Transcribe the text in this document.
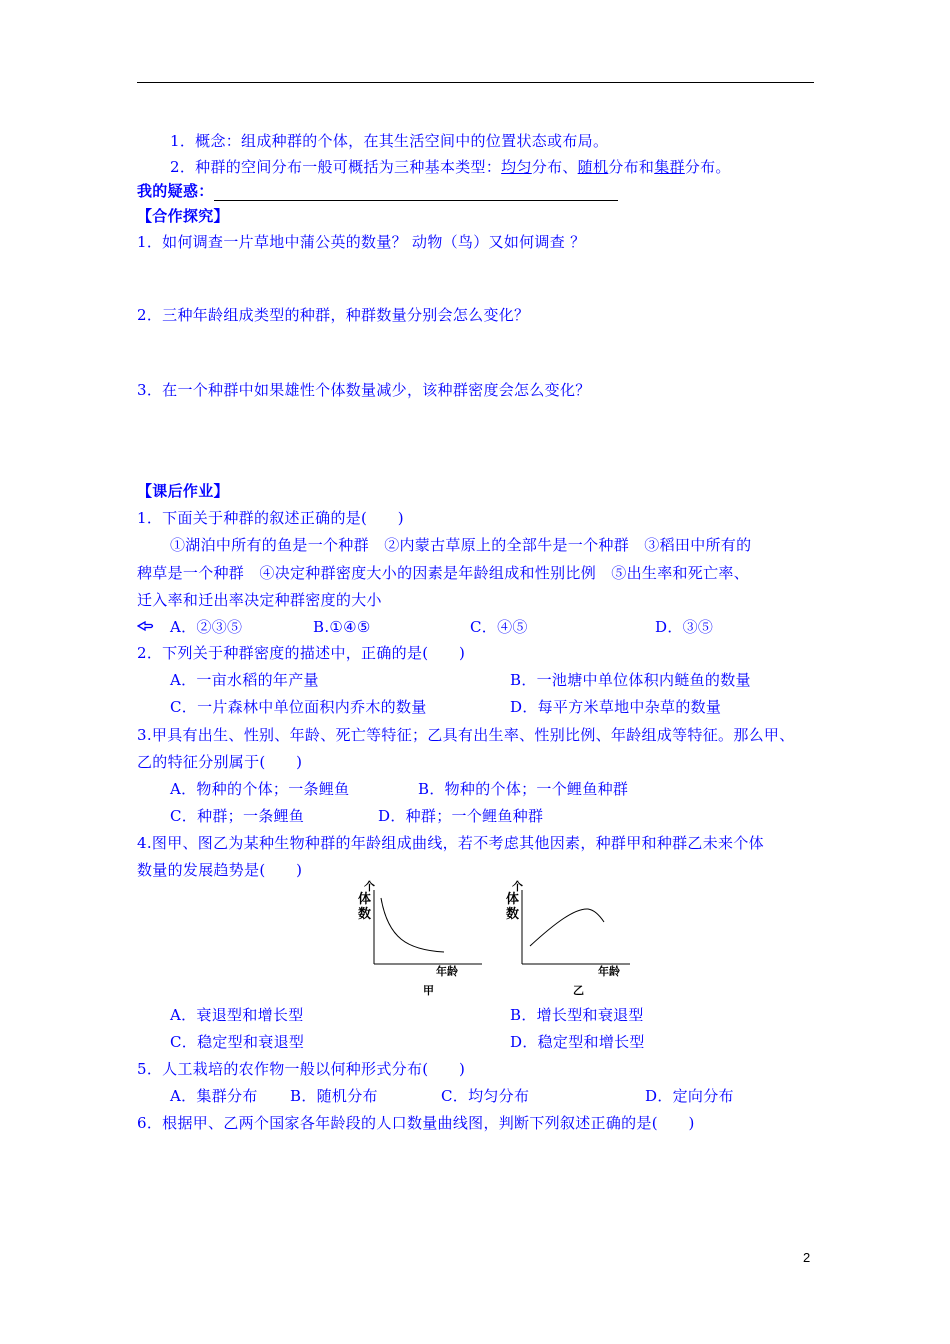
1．概念：组成种群的个体，在其生活空间中的位置状态或布局。
2．种群的空间分布一般可概括为三种基本类型：均匀分布、随机分布和集群分布。
我的疑惑：
【合作探究】
1．如何调查一片草地中蒲公英的数量？ 动物（鸟）又如何调查 ？
2．三种年龄组成类型的种群，种群数量分别会怎么变化？
3．在一个种群中如果雄性个体数量减少，该种群密度会怎么变化？
【课后作业】
1．下面关于种群的叙述正确的是(　　)
①湖泊中所有的鱼是一个种群　②内蒙古草原上的全部牛是一个种群　③稻田中所有的
稗草是一个种群　④决定种群密度大小的因素是年龄组成和性别比例　⑤出生率和死亡率、
迁入率和迁出率决定种群密度的大小
A．②③⑤	B.①④⑤	C．④⑤	D．③⑤
2．下列关于种群密度的描述中，正确的是(　　)
A．一亩水稻的年产量	B．一池塘中单位体积内鲢鱼的数量
C．一片森林中单位面积内乔木的数量	D．每平方米草地中杂草的数量
3.甲具有出生、性别、年龄、死亡等特征；乙具有出生率、性别比例、年龄组成等特征。那么甲、
乙的特征分别属于(　　)
A．物种的个体；一条鲤鱼	B．物种的个体；一个鲤鱼种群
C．种群；一条鲤鱼	D．种群；一个鲤鱼种群
4.图甲、图乙为某种生物种群的年龄组成曲线，若不考虑其他因素，种群甲和种群乙未来个体
数量的发展趋势是(　　)
个
体
数
年龄
甲
个
体
数
年龄
乙
A．衰退型和增长型	B．增长型和衰退型
C．稳定型和衰退型	D．稳定型和增长型
5．人工栽培的农作物一般以何种形式分布(　　)
A．集群分布 B．随机分布	C．均匀分布	D．定向分布
6．根据甲、乙两个国家各年龄段的人口数量曲线图，判断下列叙述正确的是(　　)
2
